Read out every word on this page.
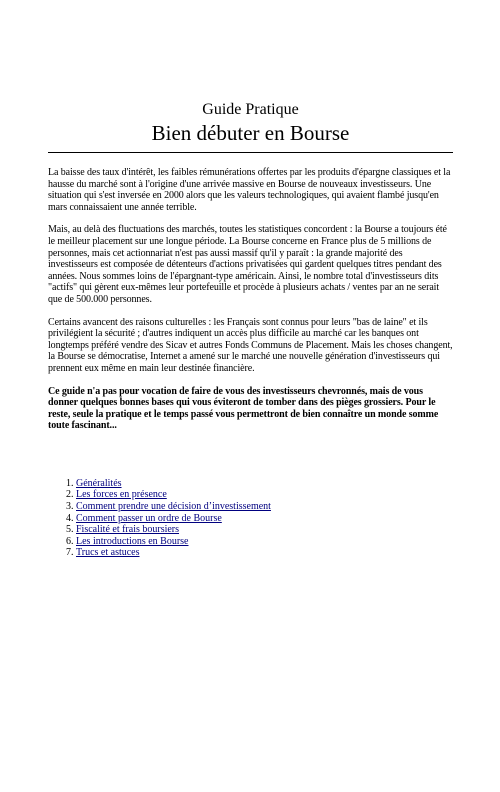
Guide Pratique

Bien débuter en Bourse

La baisse des taux d'intérêt, les faibles rémunérations offertes par les produits d'épargne classiques et la hausse du marché sont à l'origine d'une arrivée massive en Bourse de nouveaux investisseurs. Une situation qui s'est inversée en 2000 alors que les valeurs technologiques, qui avaient flambé jusqu'en mars connaissaient une année terrible.

Mais, au delà des fluctuations des marchés, toutes les statistiques concordent : la Bourse a toujours été le meilleur placement sur une longue période. La Bourse concerne en France plus de 5 millions de personnes, mais cet actionnariat n'est pas aussi massif qu'il y paraît : la grande majorité des investisseurs est composée de détenteurs d'actions privatisées qui gardent quelques titres pendant des années. Nous sommes loins de l'épargnant-type américain. Ainsi, le nombre total d'investisseurs dits "actifs" qui gèrent eux-mêmes leur portefeuille et procède à plusieurs achats / ventes par an ne serait que de 500.000 personnes.

Certains avancent des raisons culturelles : les Français sont connus pour leurs "bas de laine" et ils privilégient la sécurité ; d'autres indiquent un accès plus difficile au marché car les banques ont longtemps préféré vendre des Sicav et autres Fonds Communs de Placement. Mais les choses changent, la Bourse se démocratise, Internet a amené sur le marché une nouvelle génération d'investisseurs qui prennent eux même en main leur destinée financière.

Ce guide n'a pas pour vocation de faire de vous des investisseurs chevronnés, mais de vous donner quelques bonnes bases qui vous éviteront de tomber dans des pièges grossiers. Pour le reste, seule la pratique et le temps passé vous permettront de bien connaître un monde somme toute fascinant...

1. Généralités
2. Les forces en présence
3. Comment prendre une décision d’investissement
4. Comment passer un ordre de Bourse
5. Fiscalité et frais boursiers
6. Les introductions en Bourse
7. Trucs et astuces
